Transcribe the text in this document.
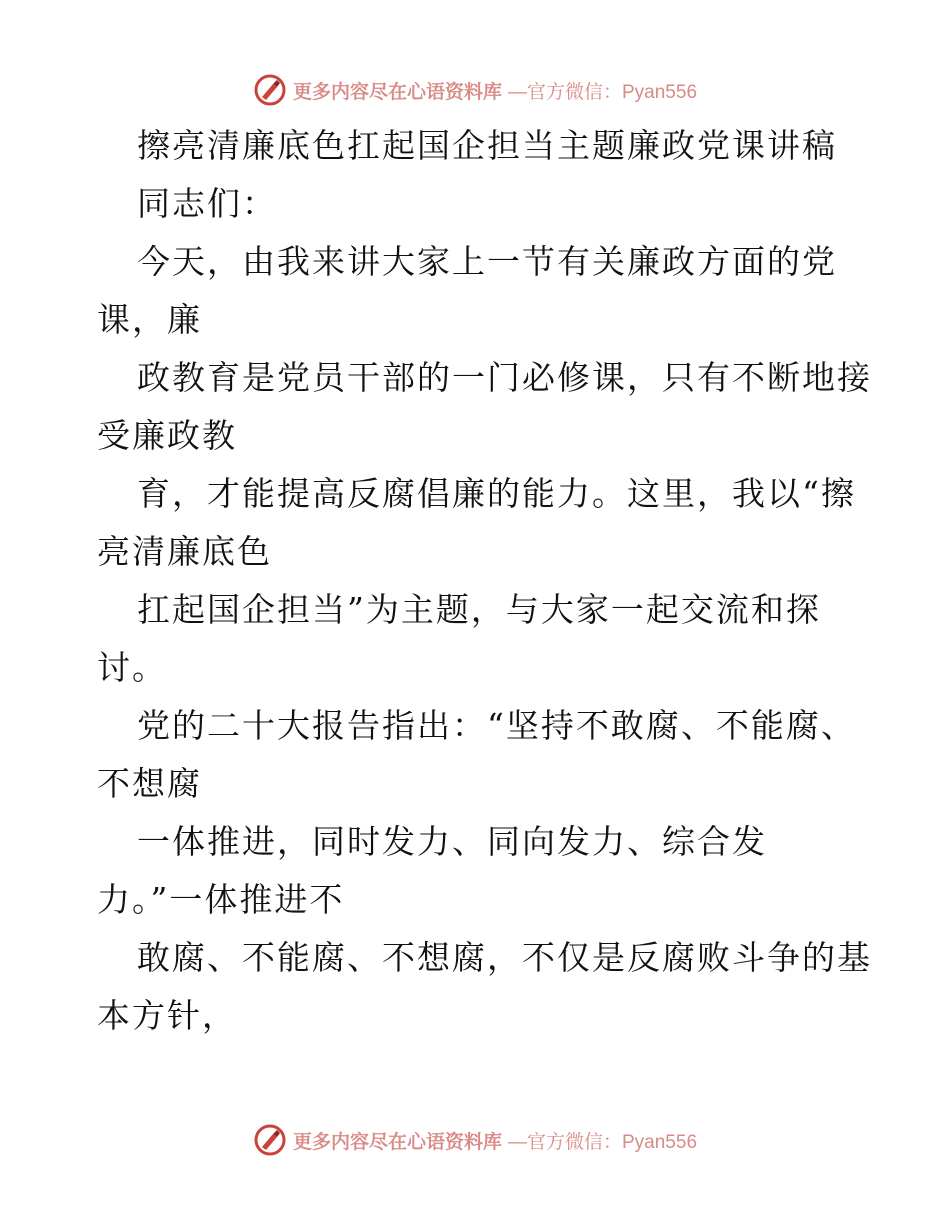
更多内容尽在心语资料库 —官方微信：Pyan556
擦亮清廉底色扛起国企担当主题廉政党课讲稿
同志们：
今天，由我来讲大家上一节有关廉政方面的党
课，廉
政教育是党员干部的一门必修课，只有不断地接
受廉政教
育，才能提高反腐倡廉的能力。这里，我以“擦
亮清廉底色
扛起国企担当”为主题，与大家一起交流和探
讨。
党的二十大报告指出：“坚持不敢腐、不能腐、
不想腐
一体推进，同时发力、同向发力、综合发
力。”一体推进不
敢腐、不能腐、不想腐，不仅是反腐败斗争的基
本方针，
更多内容尽在心语资料库 —官方微信：Pyan556
